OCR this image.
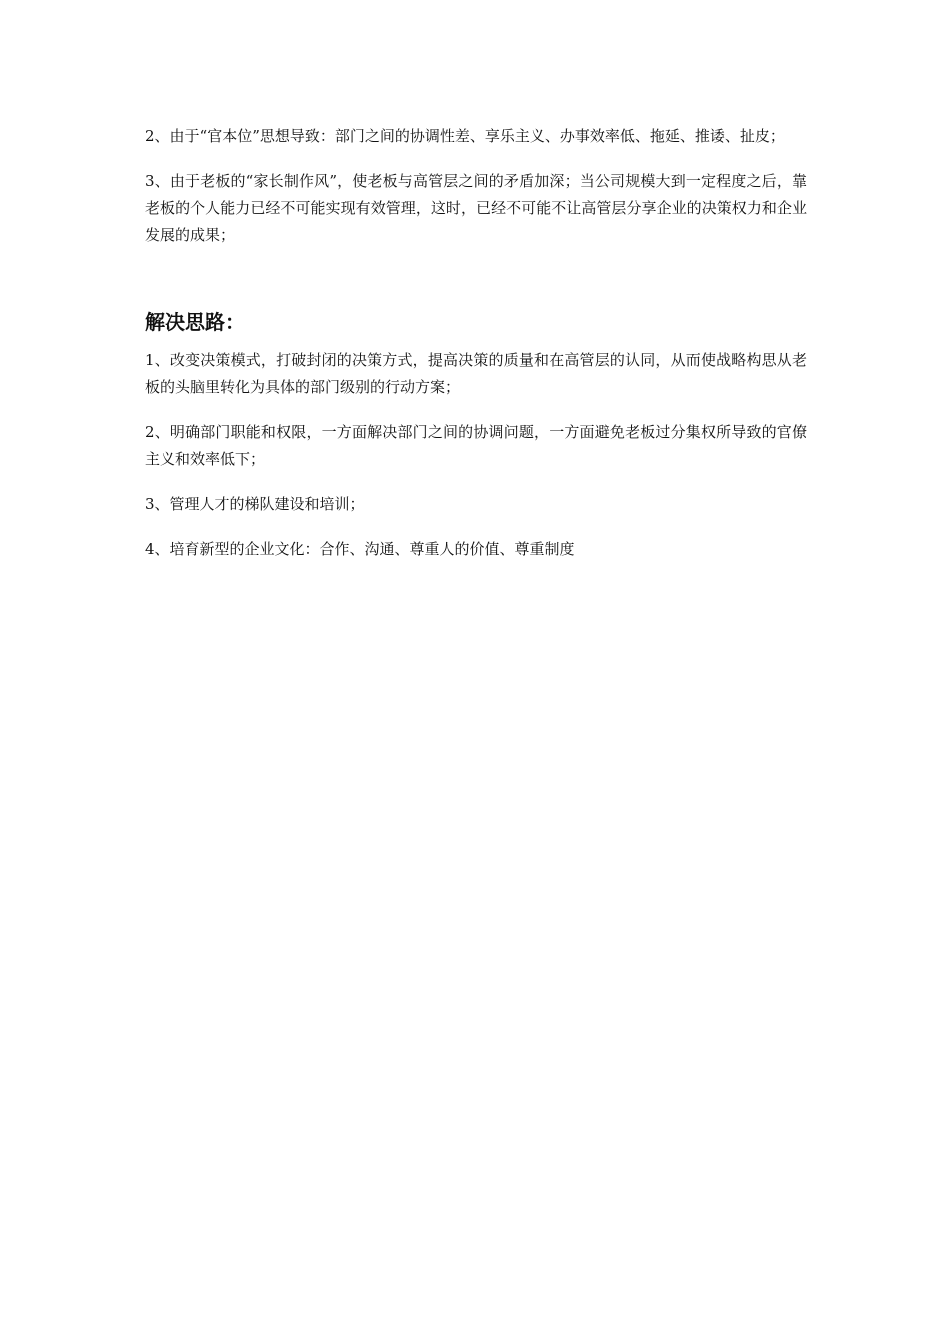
2、由于“官本位”思想导致：部门之间的协调性差、享乐主义、办事效率低、拖延、推诿、扯皮；

3、由于老板的“家长制作风”，使老板与高管层之间的矛盾加深；当公司规模大到一定程度之后，靠老板的个人能力已经不可能实现有效管理，这时，已经不可能不让高管层分享企业的决策权力和企业发展的成果；

解决思路：

1、改变决策模式，打破封闭的决策方式，提高决策的质量和在高管层的认同，从而使战略构思从老板的头脑里转化为具体的部门级别的行动方案；

2、明确部门职能和权限，一方面解决部门之间的协调问题，一方面避免老板过分集权所导致的官僚主义和效率低下；

3、管理人才的梯队建设和培训；

4、培育新型的企业文化：合作、沟通、尊重人的价值、尊重制度
